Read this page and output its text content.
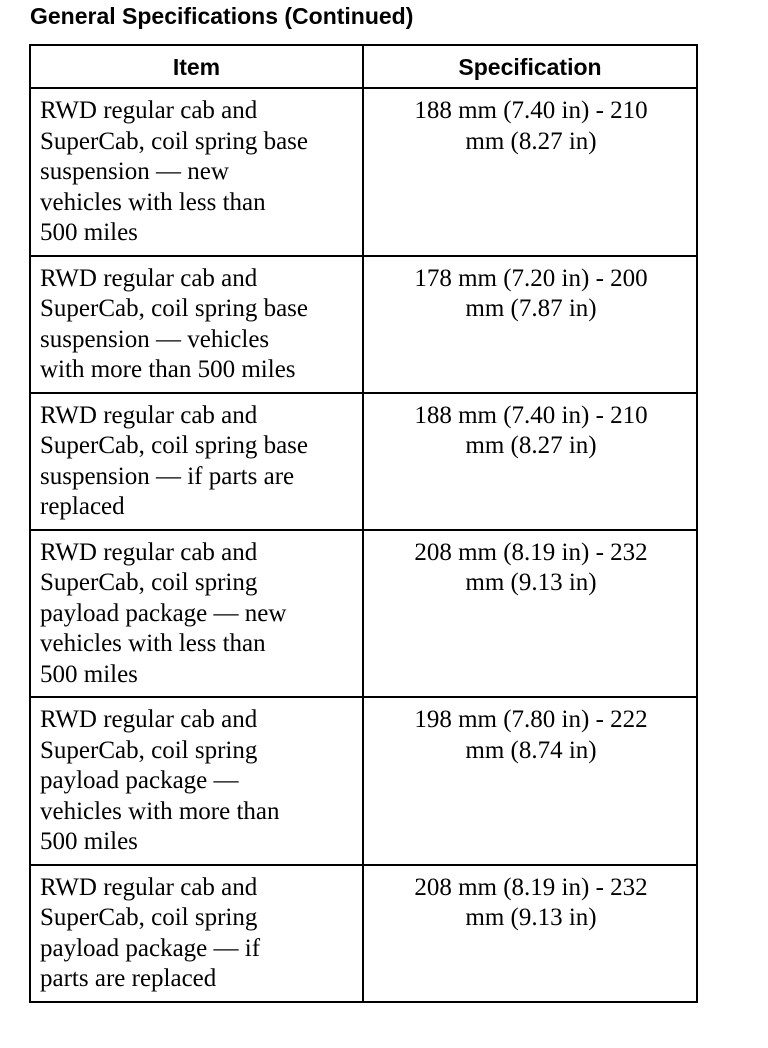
General Specifications (Continued)
Item	Specification

RWD regular cab and
SuperCab, coil spring base
suspension — new
vehicles with less than
500 miles	188 mm (7.40 in) - 210
mm (8.27 in)

RWD regular cab and
SuperCab, coil spring base
suspension — vehicles
with more than 500 miles	178 mm (7.20 in) - 200
mm (7.87 in)

RWD regular cab and
SuperCab, coil spring base
suspension — if parts are
replaced	188 mm (7.40 in) - 210
mm (8.27 in)

RWD regular cab and
SuperCab, coil spring
payload package — new
vehicles with less than
500 miles	208 mm (8.19 in) - 232
mm (9.13 in)

RWD regular cab and
SuperCab, coil spring
payload package —
vehicles with more than
500 miles	198 mm (7.80 in) - 222
mm (8.74 in)

RWD regular cab and
SuperCab, coil spring
payload package — if
parts are replaced	208 mm (8.19 in) - 232
mm (9.13 in)
